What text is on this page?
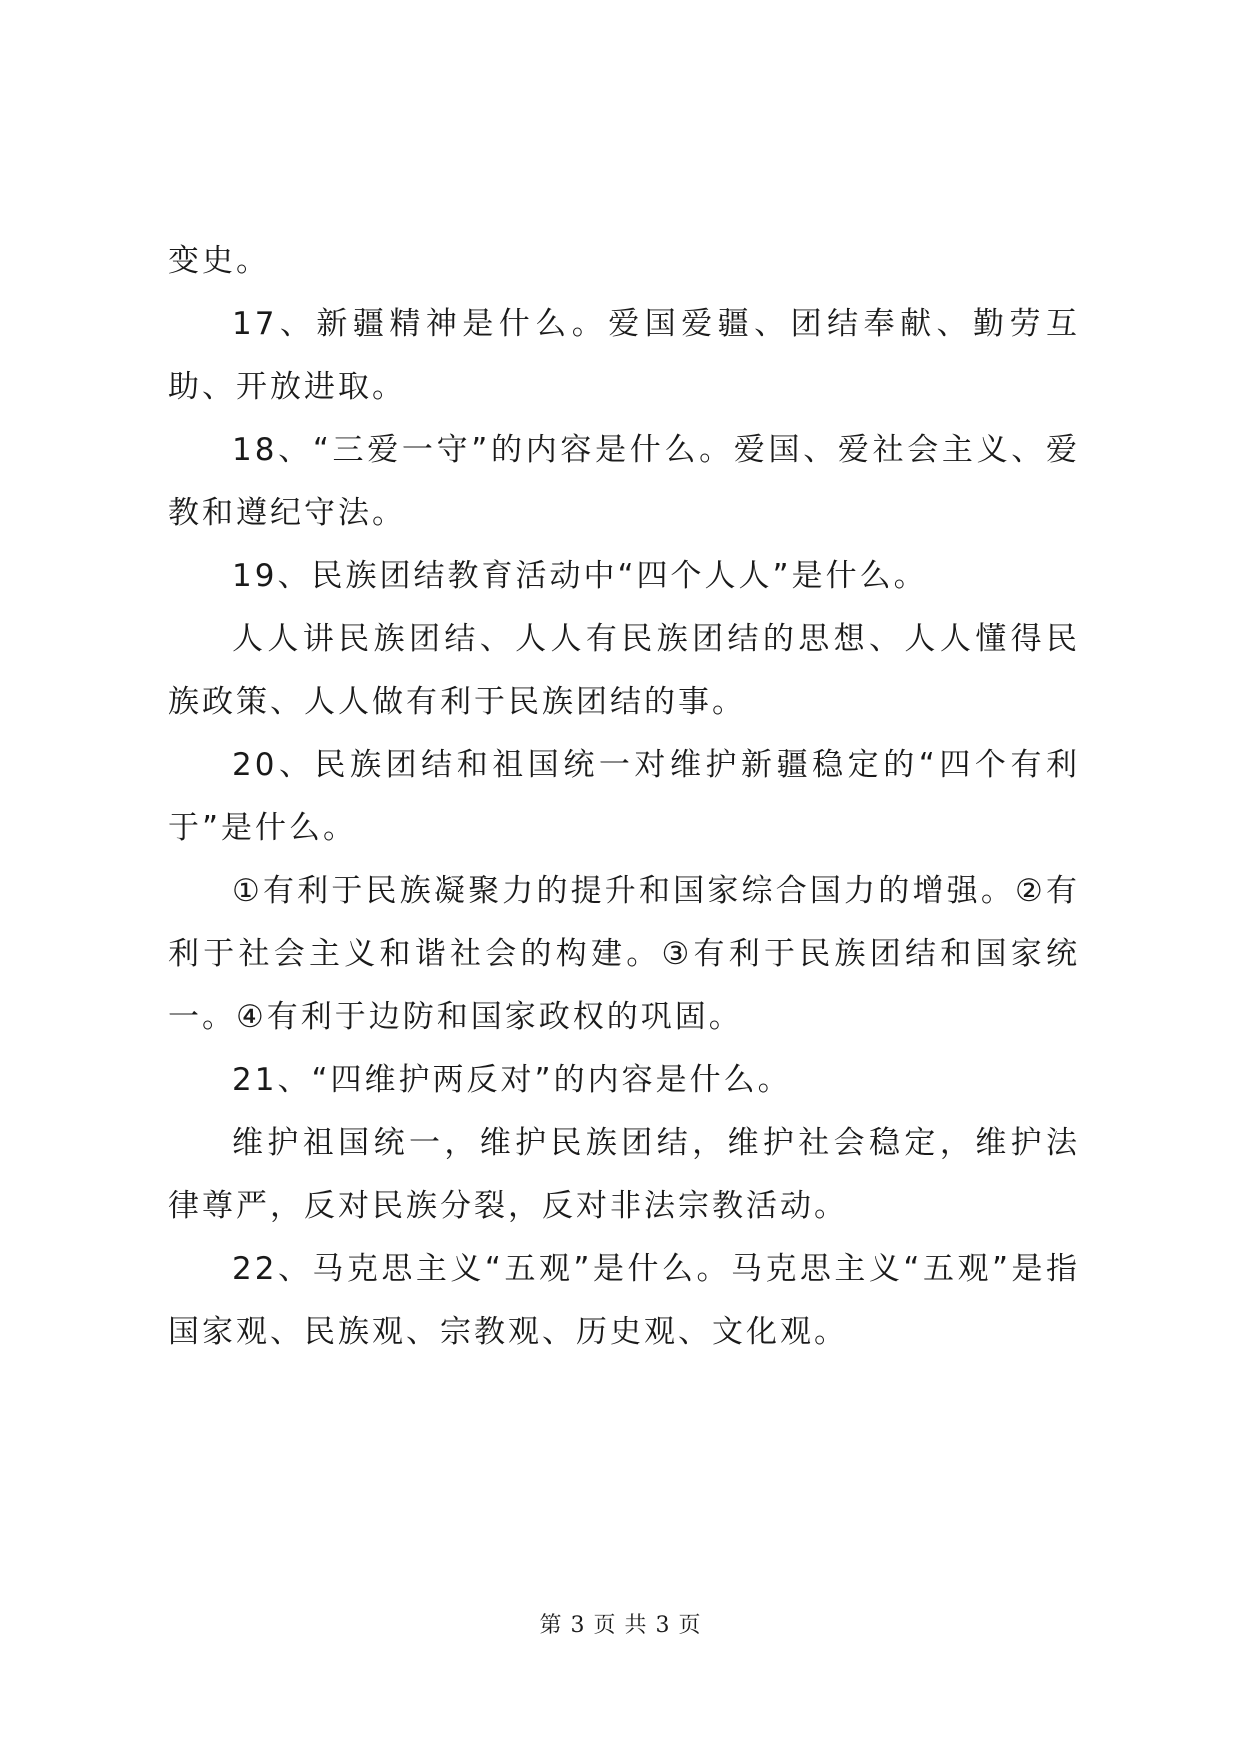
变史。

17、新疆精神是什么。爱国爱疆、团结奉献、勤劳互助、开放进取。

18、“三爱一守”的内容是什么。爱国、爱社会主义、爱教和遵纪守法。

19、民族团结教育活动中“四个人人”是什么。

人人讲民族团结、人人有民族团结的思想、人人懂得民族政策、人人做有利于民族团结的事。

20、民族团结和祖国统一对维护新疆稳定的“四个有利于”是什么。

①有利于民族凝聚力的提升和国家综合国力的增强。②有利于社会主义和谐社会的构建。③有利于民族团结和国家统一。④有利于边防和国家政权的巩固。

21、“四维护两反对”的内容是什么。

维护祖国统一，维护民族团结，维护社会稳定，维护法律尊严，反对民族分裂，反对非法宗教活动。

22、马克思主义“五观”是什么。马克思主义“五观”是指国家观、民族观、宗教观、历史观、文化观。

第 3 页 共 3 页
